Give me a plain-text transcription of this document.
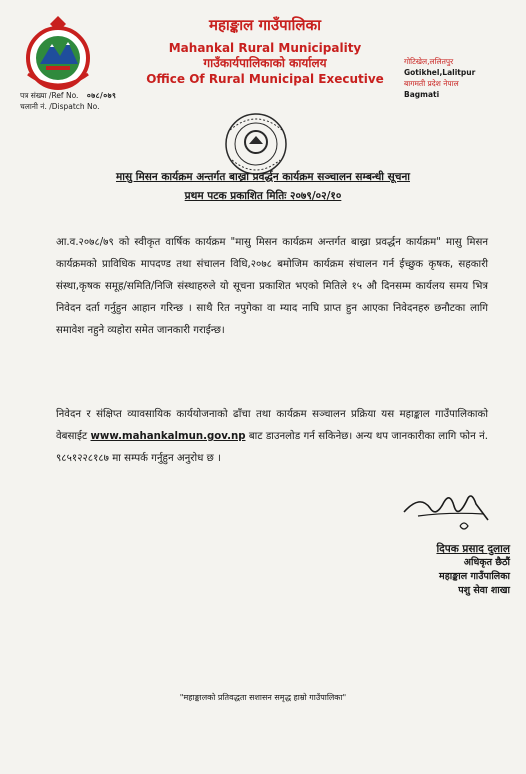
पत्र संख्या /Ref No. ०७८/०७९
चलानी नं. /Dispatch No.
महाङ्काल गाउँपालिका
Mahankal Rural Municipality
गाउँकार्यपालिकाको कार्यालय
Office Of Rural Municipal Executive
गोटिखेल,ललितपुर
Gotikhel,Lalitpur
बागमती प्रदेश नेपाल
Bagmati
मासु मिसन कार्यक्रम अन्तर्गत बाख्रा प्रवर्द्धन कार्यक्रम सञ्चालन सम्बन्धी सूचना
प्रथम पटक प्रकाशित मितिः २०७९/०२/१०
आ.व.२०७८/७९ को स्वीकृत वार्षिक कार्यक्रम "मासु मिसन कार्यक्रम अन्तर्गत बाख्रा प्रवर्द्धन कार्यक्रम" मासु मिसन कार्यक्रमको प्राविधिक मापदण्ड तथा संचालन विधि,२०७८ बमोजिम कार्यक्रम संचालन गर्न ईच्छुक कृषक, सहकारी संस्था,कृषक समूह/समिति/निजि संस्थाहरुले यो सूचना प्रकाशित भएको मितिले १५ औ दिनसम्म कार्यलय समय भित्र निवेदन दर्ता गर्नुहुन आहान गरिन्छ । साथै रित नपुगेका वा म्याद नाघि प्राप्त हुन आएका निवेदनहरु छनौटका लागि समावेश नहुने व्यहोरा समेत जानकारी गराईन्छ।
निवेदन र संक्षिप्त व्यावसायिक कार्ययोजनाको ढाँचा तथा कार्यक्रम सञ्चालन प्रक्रिया यस महाङ्काल गाउँपालिकाको वेबसाईट www.mahankalmun.gov.np बाट डाउनलोड गर्न सकिनेछ। अन्य थप जानकारीका लागि फोन नं. ९८५१२२८१८७ मा सम्पर्क गर्नुहुन अनुरोध छ ।
दिपक प्रसाद दुलाल
अधिकृत छैठौं
महाङ्काल गाउँपालिका
पशु सेवा शाखा
"महाङ्कालको प्रतिवद्धता सशासन समृद्ध हाम्रो गाउँपालिका"
